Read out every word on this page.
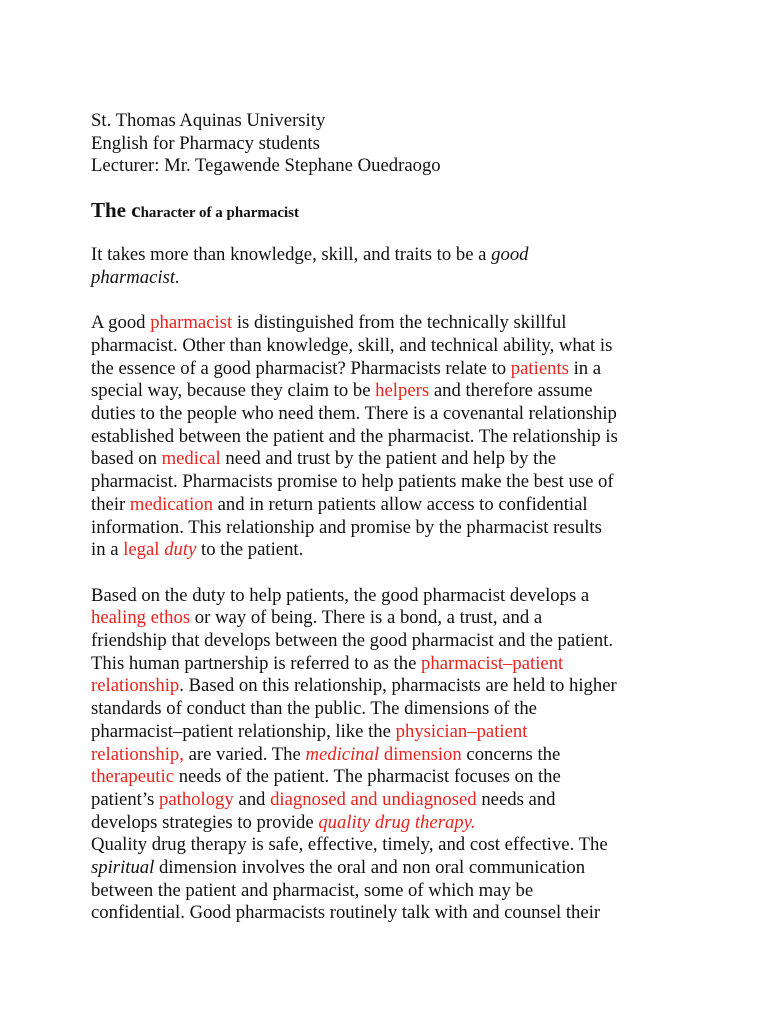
St. Thomas Aquinas University

English for Pharmacy students

Lecturer: Mr. Tegawende Stephane Ouedraogo

The character of a pharmacist

It takes more than knowledge, skill, and traits to be a good

pharmacist.

A good pharmacist is distinguished from the technically skillful

pharmacist. Other than knowledge, skill, and technical ability, what is

the essence of a good pharmacist? Pharmacists relate to patients in a

special way, because they claim to be helpers and therefore assume

duties to the people who need them. There is a covenantal relationship

established between the patient and the pharmacist. The relationship is

based on medical need and trust by the patient and help by the

pharmacist. Pharmacists promise to help patients make the best use of

their medication and in return patients allow access to confidential

information. This relationship and promise by the pharmacist results

in a legal duty to the patient.

Based on the duty to help patients, the good pharmacist develops a

healing ethos or way of being. There is a bond, a trust, and a

friendship that develops between the good pharmacist and the patient.

This human partnership is referred to as the pharmacist–patient

relationship. Based on this relationship, pharmacists are held to higher

standards of conduct than the public. The dimensions of the

pharmacist–patient relationship, like the physician–patient

relationship, are varied. The medicinal dimension concerns the

therapeutic needs of the patient. The pharmacist focuses on the

patient’s pathology and diagnosed and undiagnosed needs and

develops strategies to provide quality drug therapy.

Quality drug therapy is safe, effective, timely, and cost effective. The

spiritual dimension involves the oral and non oral communication

between the patient and pharmacist, some of which may be

confidential. Good pharmacists routinely talk with and counsel their
